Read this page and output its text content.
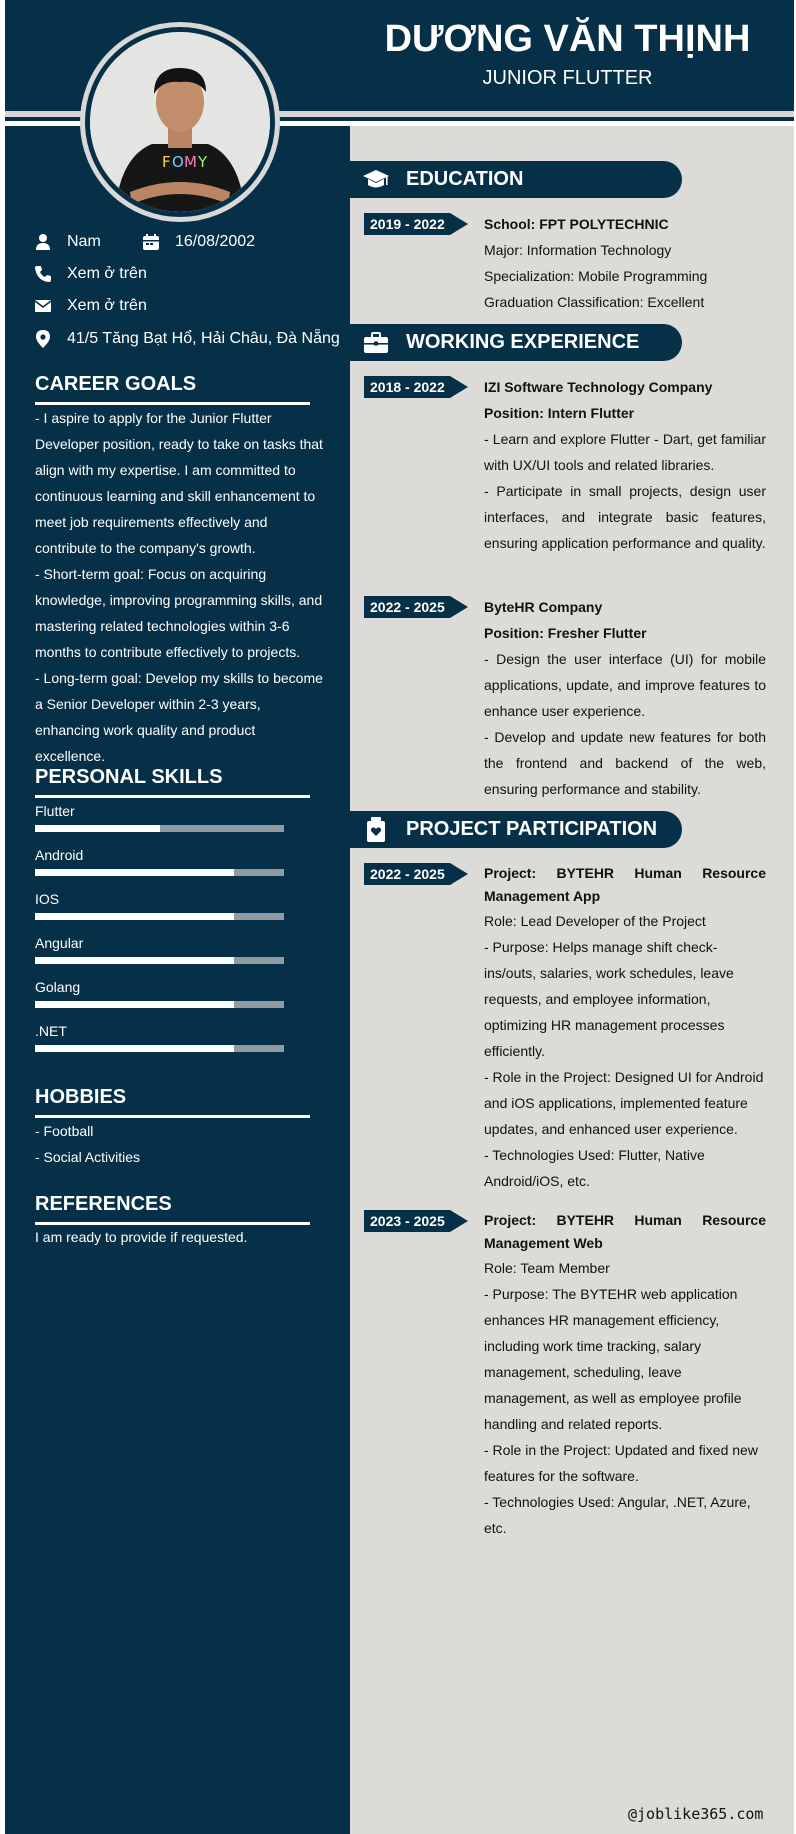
DƯƠNG VĂN THỊNH
JUNIOR FLUTTER
F O M Y
Nam	16/08/2002
Xem ở trên
Xem ở trên
41/5 Tăng Bạt Hổ, Hải Châu, Đà Nẵng
CAREER GOALS
- I aspire to apply for the Junior Flutter Developer position, ready to take on tasks that align with my expertise. I am committed to continuous learning and skill enhancement to meet job requirements effectively and contribute to the company's growth.
- Short-term goal: Focus on acquiring knowledge, improving programming skills, and mastering related technologies within 3-6 months to contribute effectively to projects.
- Long-term goal: Develop my skills to become a Senior Developer within 2-3 years, enhancing work quality and product excellence.
PERSONAL SKILLS
Flutter
Android
IOS
Angular
Golang
.NET
HOBBIES
- Football
- Social Activities
REFERENCES
I am ready to provide if requested.
EDUCATION
2019 - 2022	School: FPT POLYTECHNIC
Major: Information Technology
Specialization: Mobile Programming
Graduation Classification: Excellent
WORKING EXPERIENCE
2018 - 2022	IZI Software Technology Company
Position: Intern Flutter
- Learn and explore Flutter - Dart, get familiar with UX/UI tools and related libraries.
- Participate in small projects, design user interfaces, and integrate basic features, ensuring application performance and quality.
2022 - 2025	ByteHR Company
Position: Fresher Flutter
- Design the user interface (UI) for mobile applications, update, and improve features to enhance user experience.
- Develop and update new features for both the frontend and backend of the web, ensuring performance and stability.
PROJECT PARTICIPATION
2022 - 2025	Project: BYTEHR Human Resource Management App
Role: Lead Developer of the Project
- Purpose: Helps manage shift check-ins/outs, salaries, work schedules, leave requests, and employee information, optimizing HR management processes efficiently.
- Role in the Project: Designed UI for Android and iOS applications, implemented feature updates, and enhanced user experience.
- Technologies Used: Flutter, Native Android/iOS, etc.
2023 - 2025	Project: BYTEHR Human Resource Management Web
Role: Team Member
- Purpose: The BYTEHR web application enhances HR management efficiency, including work time tracking, salary management, scheduling, leave management, as well as employee profile handling and related reports.
- Role in the Project: Updated and fixed new features for the software.
- Technologies Used: Angular, .NET, Azure, etc.
@joblike365.com
